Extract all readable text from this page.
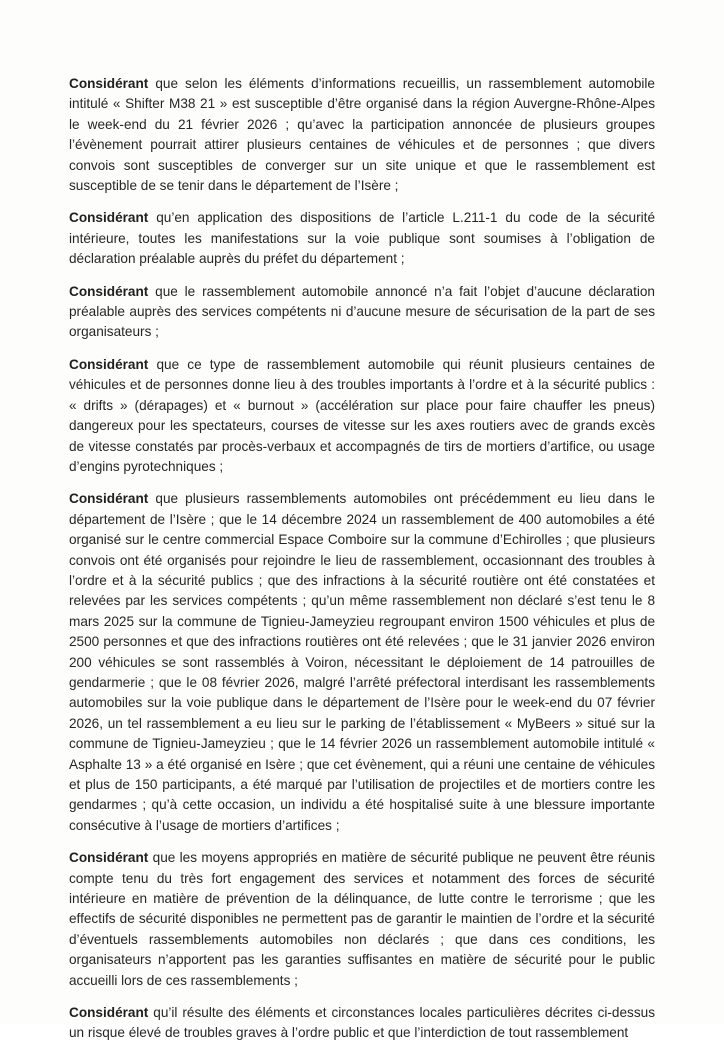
Considérant que selon les éléments d’informations recueillis, un rassemblement automobile intitulé « Shifter M38 21 » est susceptible d’être organisé dans la région Auvergne-Rhône-Alpes le week-end du 21 février 2026 ; qu’avec la participation annoncée de plusieurs groupes l’évènement pourrait attirer plusieurs centaines de véhicules et de personnes ; que divers convois sont susceptibles de converger sur un site unique et que le rassemblement est susceptible de se tenir dans le département de l’Isère ;

Considérant qu’en application des dispositions de l’article L.211-1 du code de la sécurité intérieure, toutes les manifestations sur la voie publique sont soumises à l’obligation de déclaration préalable auprès du préfet du département ;

Considérant que le rassemblement automobile annoncé n’a fait l’objet d’aucune déclaration préalable auprès des services compétents ni d’aucune mesure de sécurisation de la part de ses organisateurs ;

Considérant que ce type de rassemblement automobile qui réunit plusieurs centaines de véhicules et de personnes donne lieu à des troubles importants à l’ordre et à la sécurité publics : « drifts » (dérapages) et « burnout » (accélération sur place pour faire chauffer les pneus) dangereux pour les spectateurs, courses de vitesse sur les axes routiers avec de grands excès de vitesse constatés par procès-verbaux et accompagnés de tirs de mortiers d’artifice, ou usage d’engins pyrotechniques ;

Considérant que plusieurs rassemblements automobiles ont précédemment eu lieu dans le département de l’Isère ; que le 14 décembre 2024 un rassemblement de 400 automobiles a été organisé sur le centre commercial Espace Comboire sur la commune d’Echirolles ; que plusieurs convois ont été organisés pour rejoindre le lieu de rassemblement, occasionnant des troubles à l’ordre et à la sécurité publics ; que des infractions à la sécurité routière ont été constatées et relevées par les services compétents ; qu’un même rassemblement non déclaré s’est tenu le 8 mars 2025 sur la commune de Tignieu-Jameyzieu regroupant environ 1500 véhicules et plus de 2500 personnes et que des infractions routières ont été relevées ; que le 31 janvier 2026 environ 200 véhicules se sont rassemblés à Voiron, nécessitant le déploiement de 14 patrouilles de gendarmerie ; que le 08 février 2026, malgré l’arrêté préfectoral interdisant les rassemblements automobiles sur la voie publique dans le département de l’Isère pour le week-end du 07 février 2026, un tel rassemblement a eu lieu sur le parking de l’établissement « MyBeers » situé sur la commune de Tignieu-Jameyzieu ; que le 14 février 2026 un rassemblement automobile intitulé « Asphalte 13 » a été organisé en Isère ; que cet évènement, qui a réuni une centaine de véhicules et plus de 150 participants, a été marqué par l’utilisation de projectiles et de mortiers contre les gendarmes ; qu’à cette occasion, un individu a été hospitalisé suite à une blessure importante consécutive à l’usage de mortiers d’artifices ;

Considérant que les moyens appropriés en matière de sécurité publique ne peuvent être réunis compte tenu du très fort engagement des services et notamment des forces de sécurité intérieure en matière de prévention de la délinquance, de lutte contre le terrorisme ; que les effectifs de sécurité disponibles ne permettent pas de garantir le maintien de l’ordre et la sécurité d’éventuels rassemblements automobiles non déclarés ; que dans ces conditions, les organisateurs n’apportent pas les garanties suffisantes en matière de sécurité pour le public accueilli lors de ces rassemblements ;

Considérant qu’il résulte des éléments et circonstances locales particulières décrites ci-dessus un risque élevé de troubles graves à l’ordre public et que l’interdiction de tout rassemblement
